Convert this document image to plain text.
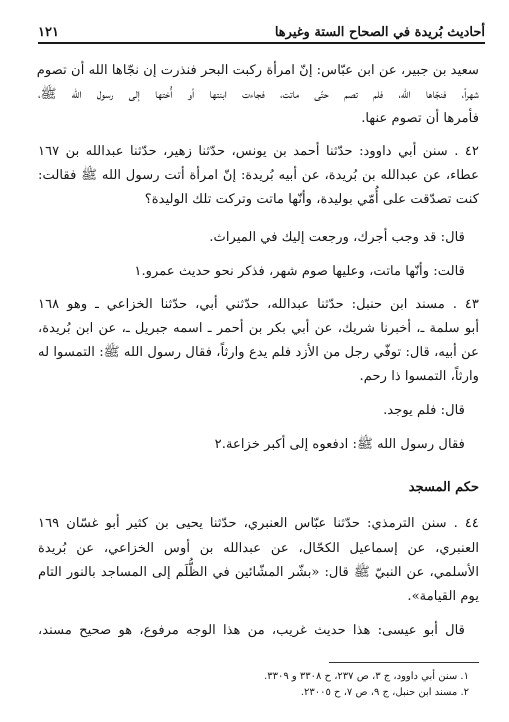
أحاديث بُريدة في الصحاح الستة وغيرها
١٢١
سعيد بن جبير، عن ابن عبّاس: إنّ امرأة ركبت البحر فنذرت إن نجّاها الله أن تصوم
شهراً، فنجّاها الله، فلم تصم حتّى ماتت، فجاءت ابنتها أو أُختها إلى رسول الله ﷺ،
فأمرها أن تصوم عنها.
٤٢ . سنن أبي داوود: حدّثنا أحمد بن يونس، حدّثنا زهير، حدّثنا عبدالله بن ١٦٧
عطاء، عن عبدالله بن بُريدة، عن أبيه بُريدة: إنّ امرأة أتت رسول الله ﷺ فقالت:
كنت تصدّقت على أُمّي بوليدة، وأنّها ماتت وتركت تلك الوليدة؟
قال: قد وجب أجرك، ورجعت إليك في الميراث.
قالت: وأنّها ماتت، وعليها صوم شهر، فذكر نحو حديث عمرو.١
٤٣ . مسند ابن حنبل: حدّثنا عبدالله، حدّثني أبي، حدّثنا الخزاعي ـ وهو ١٦٨
أبو سلمة ـ، أخبرنا شريك، عن أبي بكر بن أحمر ـ اسمه جبريل ـ، عن ابن بُريدة،
عن أبيه، قال: توفّي رجل من الأزد فلم يدع وارثاً، فقال رسول الله ﷺ: التمسوا له
وارثاً، التمسوا ذا رحم.
قال: فلم يوجد.
فقال رسول الله ﷺ: ادفعوه إلى أكبر خزاعة.٢
حكم المسجد
٤٤ . سنن الترمذي: حدّثنا عبّاس العنبري، حدّثنا يحيى بن كثير أبو غسّان ١٦٩
العنبري، عن إسماعيل الكحّال، عن عبدالله بن أوس الخزاعي، عن بُريدة
الأسلمي، عن النبيّ ﷺ قال: «بشّر المشّائين في الظُّلَم إلى المساجد بالنور التام
يوم القيامة».
قال أبو عيسى: هذا حديث غريب، من هذا الوجه مرفوع، هو صحيح مسند،
١. سنن أبي داوود، ج ٣، ص ٢٣٧، ح ٣٣٠٨ و ٣٣٠٩.
٢. مسند ابن حنبل، ج ٩، ص ٧، ح ٢٣٠٠٥.
